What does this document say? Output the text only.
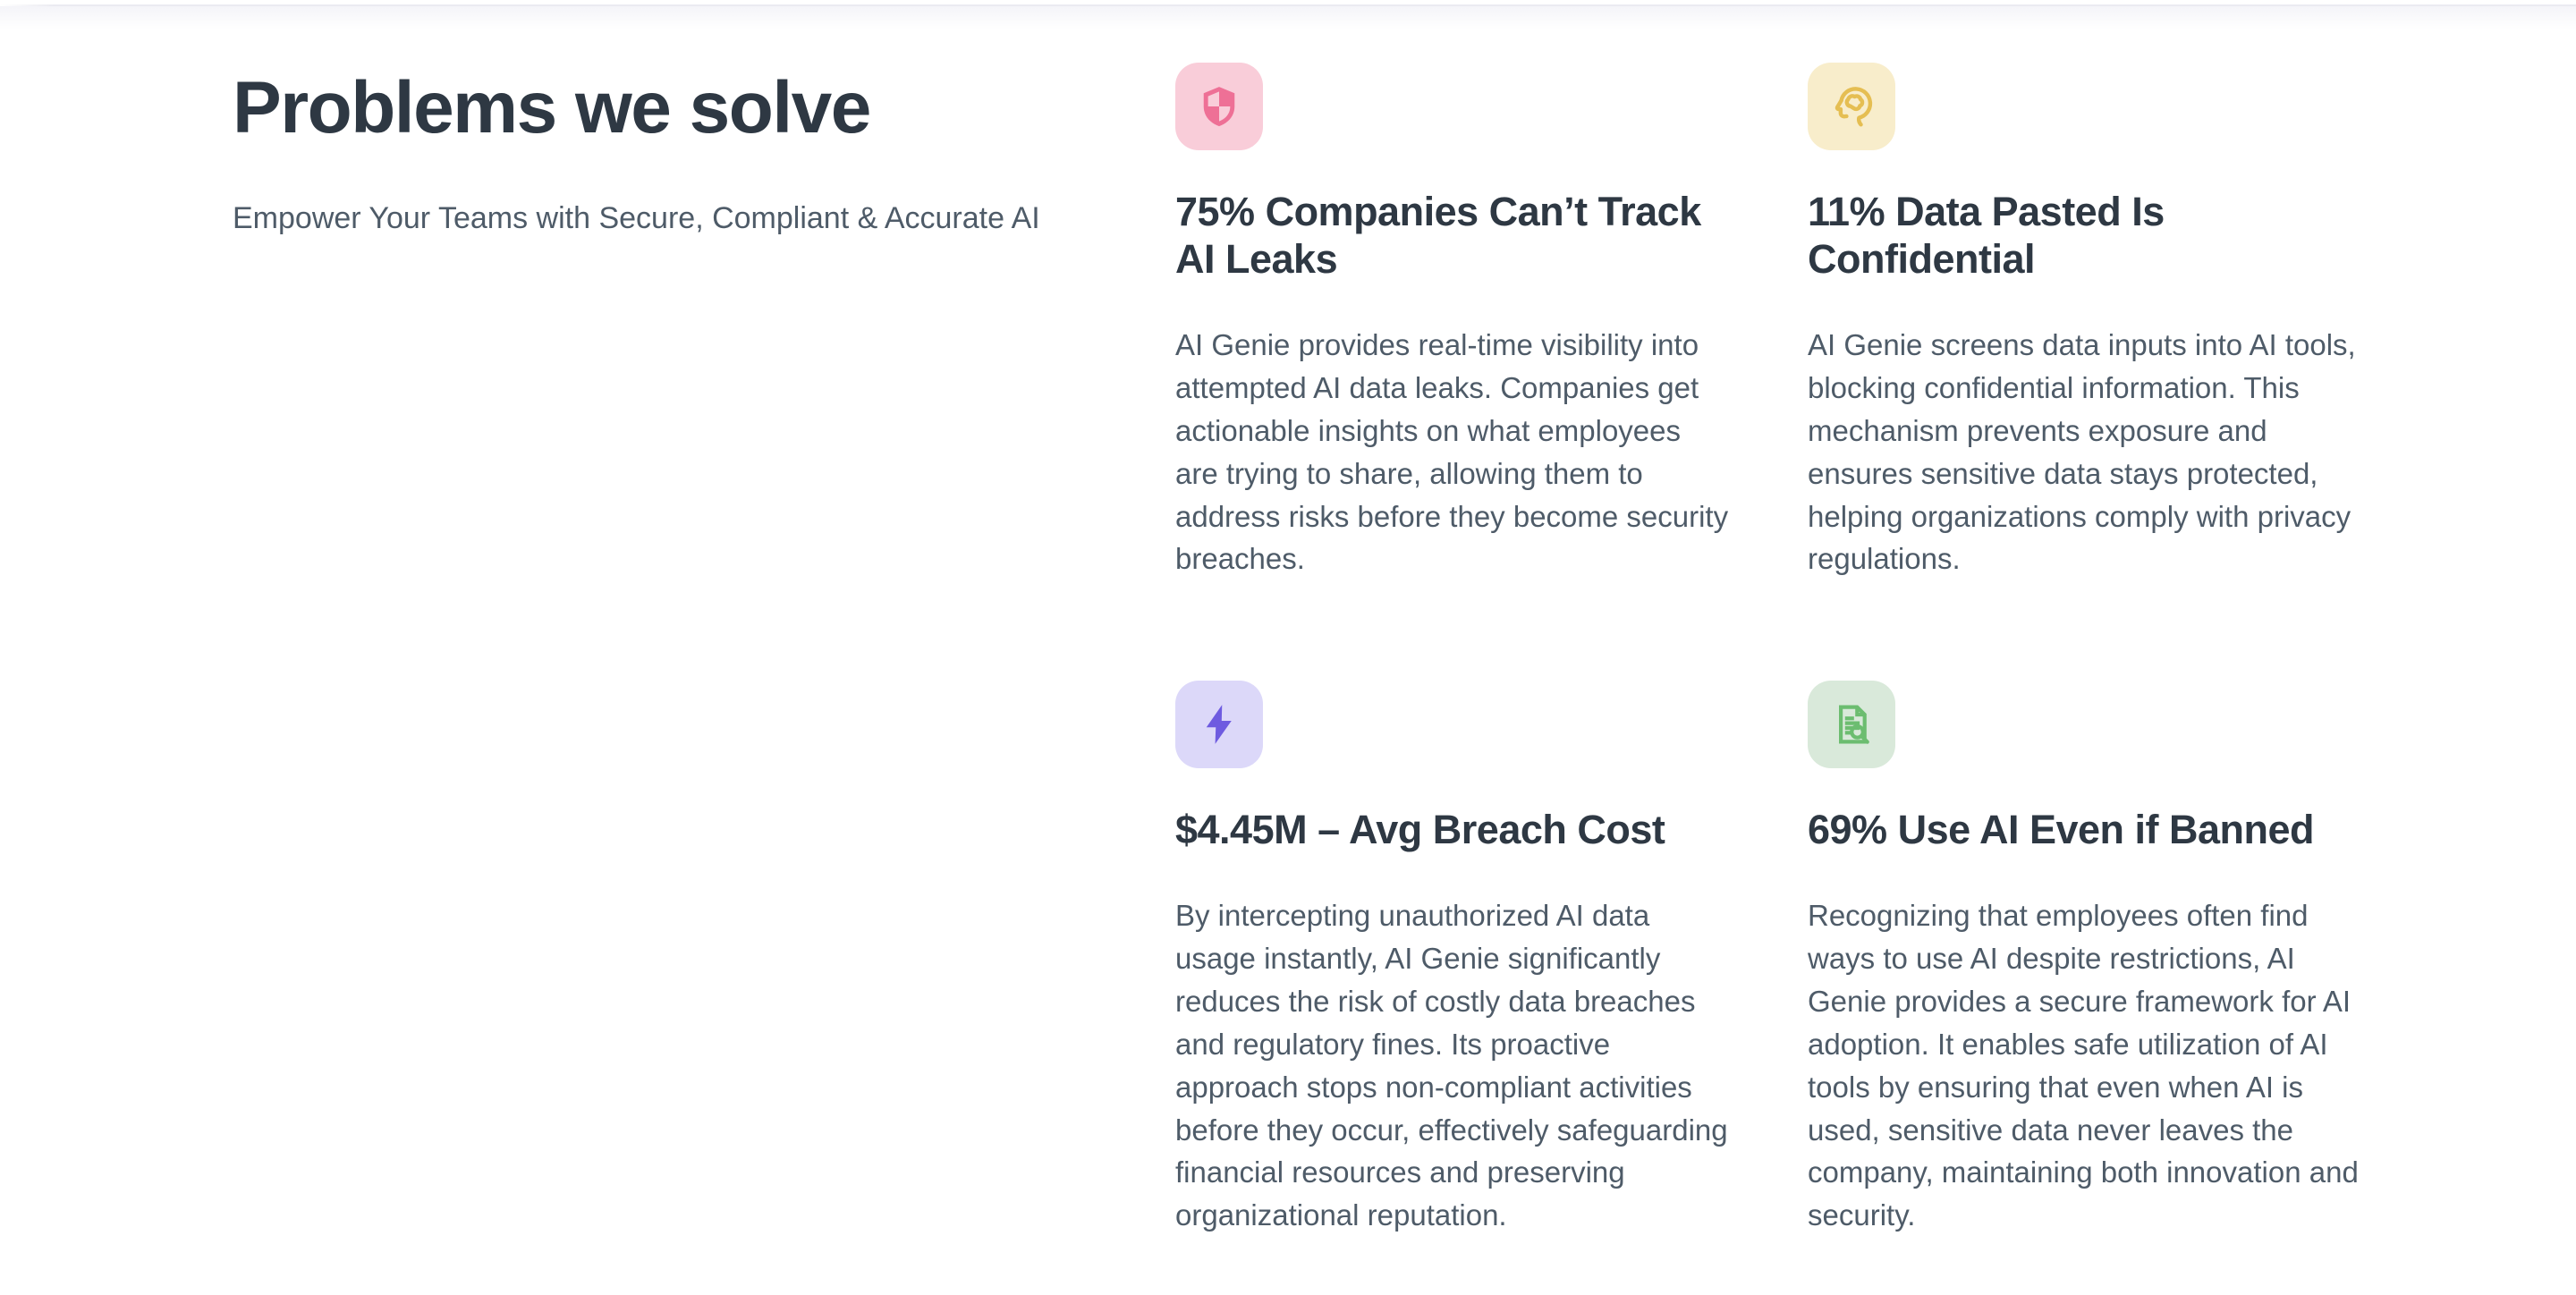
Problems we solve

Empower Your Teams with Secure, Compliant & Accurate AI	75% Companies Can’t Track AI Leaks

AI Genie provides real-time visibility into attempted AI data leaks. Companies get actionable insights on what employees are trying to share, allowing them to address risks before they become security breaches.

11% Data Pasted Is Confidential

AI Genie screens data inputs into AI tools, blocking confidential information. This mechanism prevents exposure and ensures sensitive data stays protected, helping organizations comply with privacy regulations.

$4.45M – Avg Breach Cost

By intercepting unauthorized AI data usage instantly, AI Genie significantly reduces the risk of costly data breaches and regulatory fines. Its proactive approach stops non-compliant activities before they occur, effectively safeguarding financial resources and preserving organizational reputation.

69% Use AI Even if Banned

Recognizing that employees often find ways to use AI despite restrictions, AI Genie provides a secure framework for AI adoption. It enables safe utilization of AI tools by ensuring that even when AI is used, sensitive data never leaves the company, maintaining both innovation and security.
